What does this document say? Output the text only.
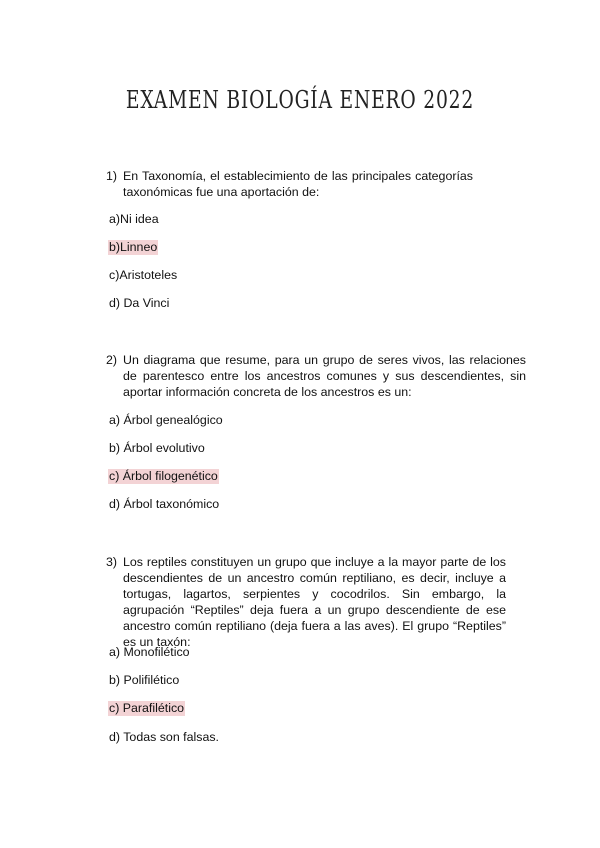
EXAMEN BIOLOGÍA ENERO 2022
1) En Taxonomía, el establecimiento de las principales categorías taxonómicas fue una aportación de:
a)Ni idea
b)Linneo
c)Aristoteles
d) Da Vinci
2) Un diagrama que resume, para un grupo de seres vivos, las relaciones de parentesco entre los ancestros comunes y sus descendientes, sin aportar información concreta de los ancestros es un:
a) Árbol genealógico
b) Árbol evolutivo
c) Árbol filogenético
d) Árbol taxonómico
3) Los reptiles constituyen un grupo que incluye a la mayor parte de los descendientes de un ancestro común reptiliano, es decir, incluye a tortugas, lagartos, serpientes y cocodrilos. Sin embargo, la agrupación “Reptiles” deja fuera a un grupo descendiente de ese ancestro común reptiliano (deja fuera a las aves). El grupo “Reptiles” es un taxón:
a) Monofilético
b) Polifilético
c) Parafilético
d) Todas son falsas.
